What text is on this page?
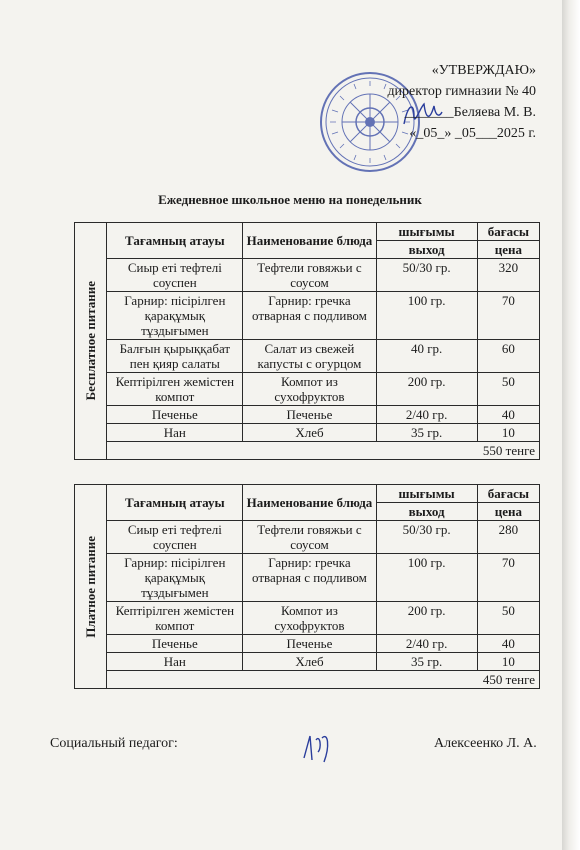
«УТВЕРЖДАЮ»
директор гимназии № 40
_______Беляева М. В.
«_05_» _05___2025 г.
Ежедневное школьное меню на понедельник
Бесплатное питание	Тағамның атауы	Наименование блюда	шығымы	бағасы
			выход	цена
	Сиыр еті тефтелі соуспен	Тефтели говяжьи с соусом	50/30 гр.	320
	Гарнир: пісірілген қарақұмық тұздығымен	Гарнир: гречка отварная с подливом	100 гр.	70
	Балғын қырыққабат пен қияр салаты	Салат из свежей капусты с огурцом	40 гр.	60
	Кептірілген жемістен компот	Компот из сухофруктов	200 гр.	50
	Печенье	Печенье	2/40 гр.	40
	Нан	Хлеб	35 гр.	10
	550 тенге			
Платное питание	Тағамның атауы	Наименование блюда	шығымы	бағасы
			выход	цена
	Сиыр еті тефтелі соуспен	Тефтели говяжьи с соусом	50/30 гр.	280
	Гарнир: пісірілген қарақұмық тұздығымен	Гарнир: гречка отварная с подливом	100 гр.	70
	Кептірілген жемістен компот	Компот из сухофруктов	200 гр.	50
	Печенье	Печенье	2/40 гр.	40
	Нан	Хлеб	35 гр.	10
	450 тенге			
Социальный педагог:	Алексеенко Л. А.
